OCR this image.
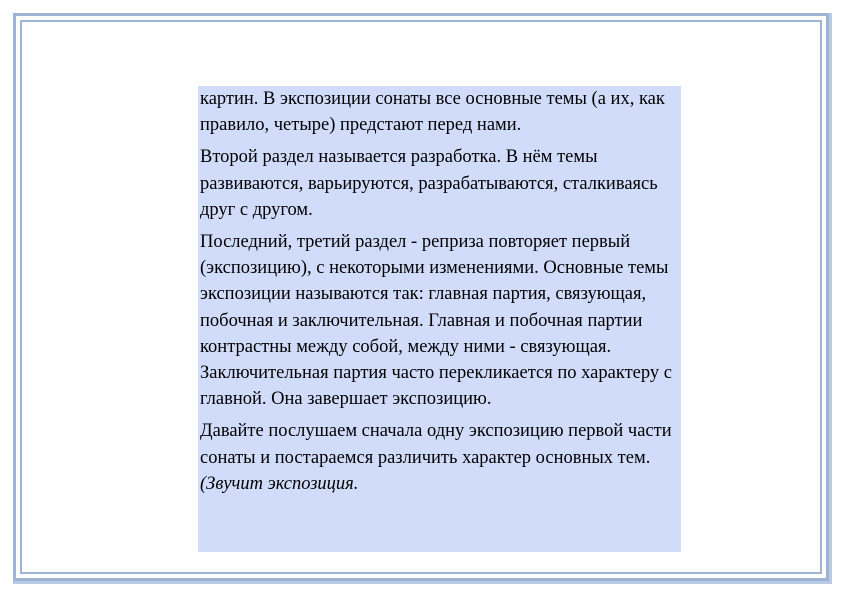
картин. В экспозиции сонаты все основные темы (а их, как правило, четыре) предстают перед нами.

Второй раздел называется разработка. В нём темы развиваются, варьируются, разрабатываются, сталкиваясь друг с другом.

Последний, третий раздел - реприза повторяет первый (экспозицию), с некоторыми изменениями. Основные темы экспозиции называются так: главная партия, связующая, побочная и заключительная. Главная и побочная партии контрастны между собой, между ними - связующая. Заключительная партия часто перекликается по характеру с главной. Она завершает экспозицию.

Давайте послушаем сначала одну экспозицию первой части сонаты и постараемся различить характер основных тем. (Звучит экспозиция.
